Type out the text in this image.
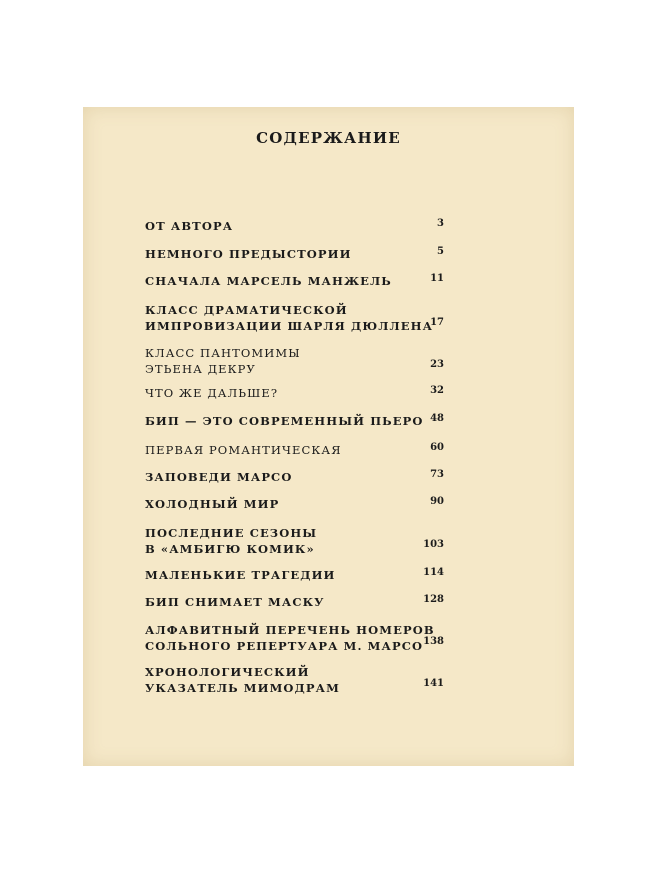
СОДЕРЖАНИЕ
ОТ АВТОРА	3
НЕМНОГО ПРЕДЫСТОРИИ	5
СНАЧАЛА МАРСЕЛЬ МАНЖЕЛЬ	11
КЛАСС ДРАМАТИЧЕСКОЙ
ИМПРОВИЗАЦИИ ШАРЛЯ ДЮЛЛЕНА
17
КЛАСС ПАНТОМИМЫ
ЭТЬЕНА ДЕКРУ	23
ЧТО ЖЕ ДАЛЬШЕ?	32
БИП — ЭТО СОВРЕМЕННЫЙ ПЬЕРО 48
ПЕРВАЯ РОМАНТИЧЕСКАЯ	60
ЗАПОВЕДИ МАРСО	73
ХОЛОДНЫЙ МИР	90
ПОСЛЕДНИЕ СЕЗОНЫ
В «АМБИГЮ КОМИК»	103
МАЛЕНЬКИЕ ТРАГЕДИИ	114
БИП СНИМАЕТ МАСКУ	128
АЛФАВИТНЫЙ ПЕРЕЧЕНЬ НОМЕРОВ
СОЛЬНОГО РЕПЕРТУАРА М. МАРСО 138
ХРОНОЛОГИЧЕСКИЙ
УКАЗАТЕЛЬ МИМОДРАМ	141
